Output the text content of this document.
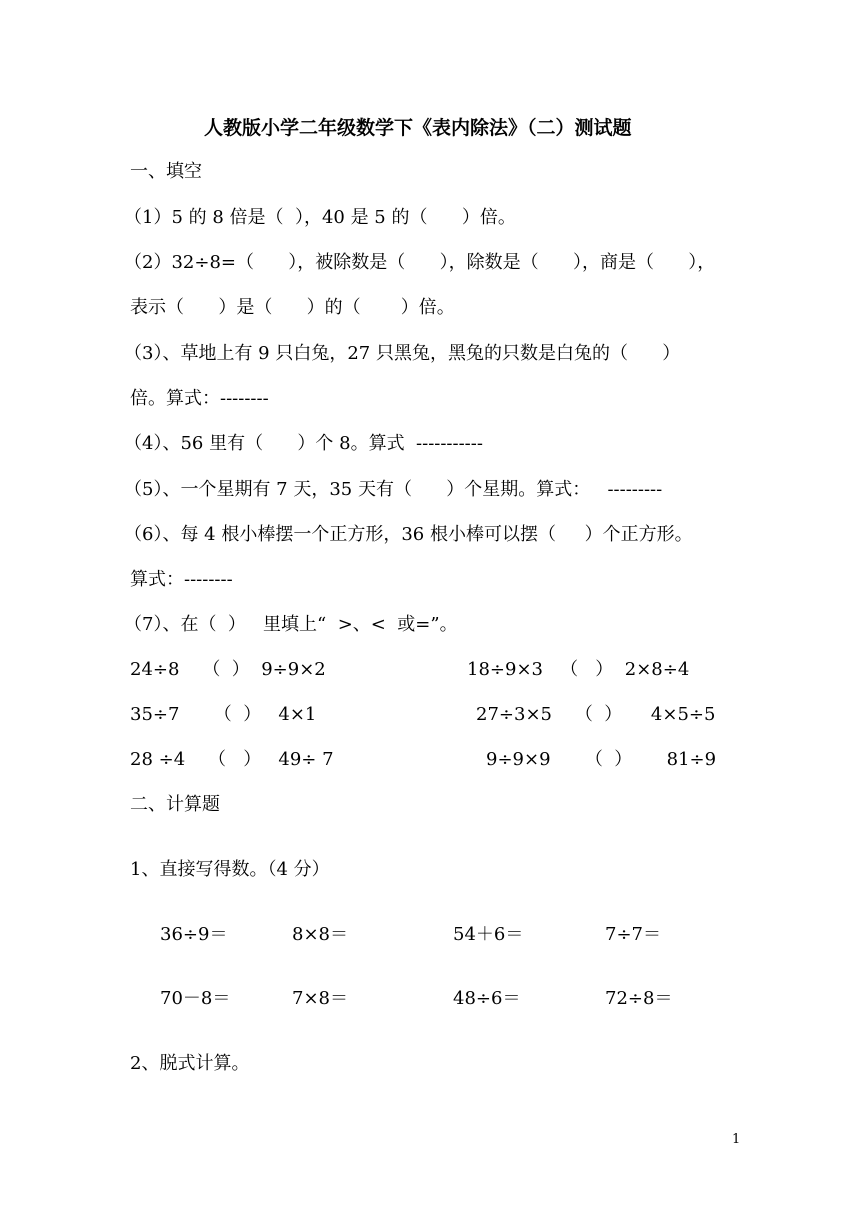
人教版小学二年级数学下《表内除法》（二）测试题
一、填空
（1）5 的 8 倍是（  ），40 是 5 的（      ）倍。
（2）32÷8=（      ），被除数是（      ），除数是（      ），商是（      ），
表示（      ）是（      ）的（       ）倍。
（3）、草地上有 9 只白兔，27 只黑兔，黑兔的只数是白兔的（      ）
倍。算式：--------
（4）、56 里有（      ）个 8。算式  -----------
（5）、一个星期有 7 天，35 天有（      ）个星期。算式：   ---------
（6）、每 4 根小棒摆一个正方形，36 根小棒可以摆（     ）个正方形。
算式：--------
（7）、在（  ）   里填上“  >、<  或=”。
24÷8    （  ）  9÷9×2	18÷9×3   （   ）  2×8÷4
35÷7      （  ）   4×1	27÷3×5    （  ）     4×5÷5
28 ÷4    （   ）   49÷ 7	9÷9×9      （  ）      81÷9
二、计算题
1、直接写得数。（4 分）
36÷9＝	8×8＝	54＋6＝	7÷7＝
70－8＝	7×8＝	48÷6＝	72÷8＝
2、脱式计算。
1
